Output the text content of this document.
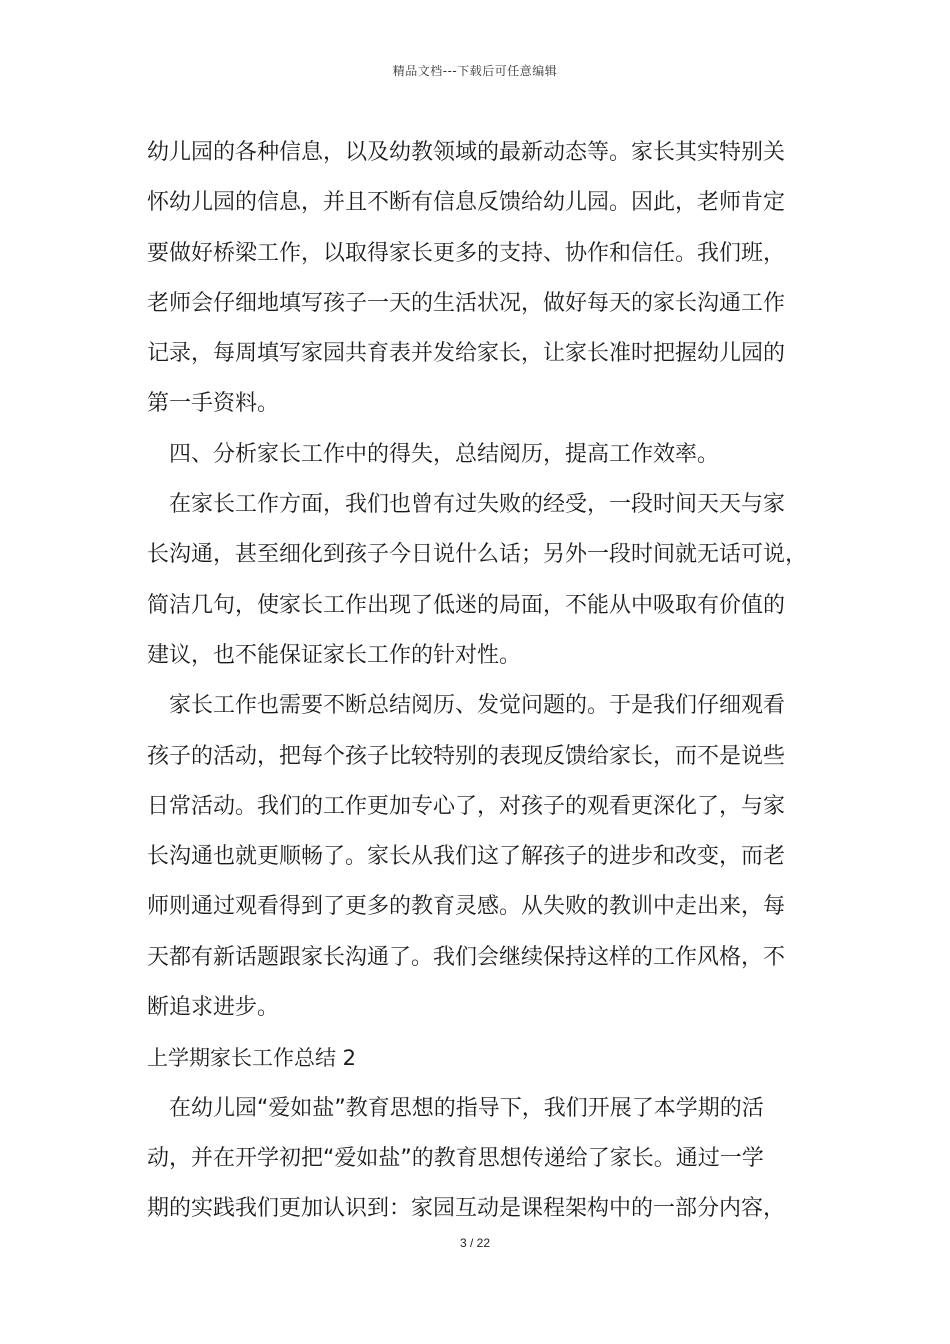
精品文档---下载后可任意编辑
幼儿园的各种信息，以及幼教领域的最新动态等。家长其实特别关
怀幼儿园的信息，并且不断有信息反馈给幼儿园。因此，老师肯定
要做好桥梁工作，以取得家长更多的支持、协作和信任。我们班，
老师会仔细地填写孩子一天的生活状况，做好每天的家长沟通工作
记录，每周填写家园共育表并发给家长，让家长准时把握幼儿园的
第一手资料。
四、分析家长工作中的得失，总结阅历，提高工作效率。
在家长工作方面，我们也曾有过失败的经受，一段时间天天与家
长沟通，甚至细化到孩子今日说什么话；另外一段时间就无话可说，
简洁几句，使家长工作出现了低迷的局面，不能从中吸取有价值的
建议，也不能保证家长工作的针对性。
家长工作也需要不断总结阅历、发觉问题的。于是我们仔细观看
孩子的活动，把每个孩子比较特别的表现反馈给家长，而不是说些
日常活动。我们的工作更加专心了，对孩子的观看更深化了，与家
长沟通也就更顺畅了。家长从我们这了解孩子的进步和改变，而老
师则通过观看得到了更多的教育灵感。从失败的教训中走出来，每
天都有新话题跟家长沟通了。我们会继续保持这样的工作风格，不
断追求进步。
上学期家长工作总结 2
在幼儿园“爱如盐”教育思想的指导下，我们开展了本学期的活
动，并在开学初把“爱如盐”的教育思想传递给了家长。通过一学
期的实践我们更加认识到：家园互动是课程架构中的一部分内容，
3 / 22
